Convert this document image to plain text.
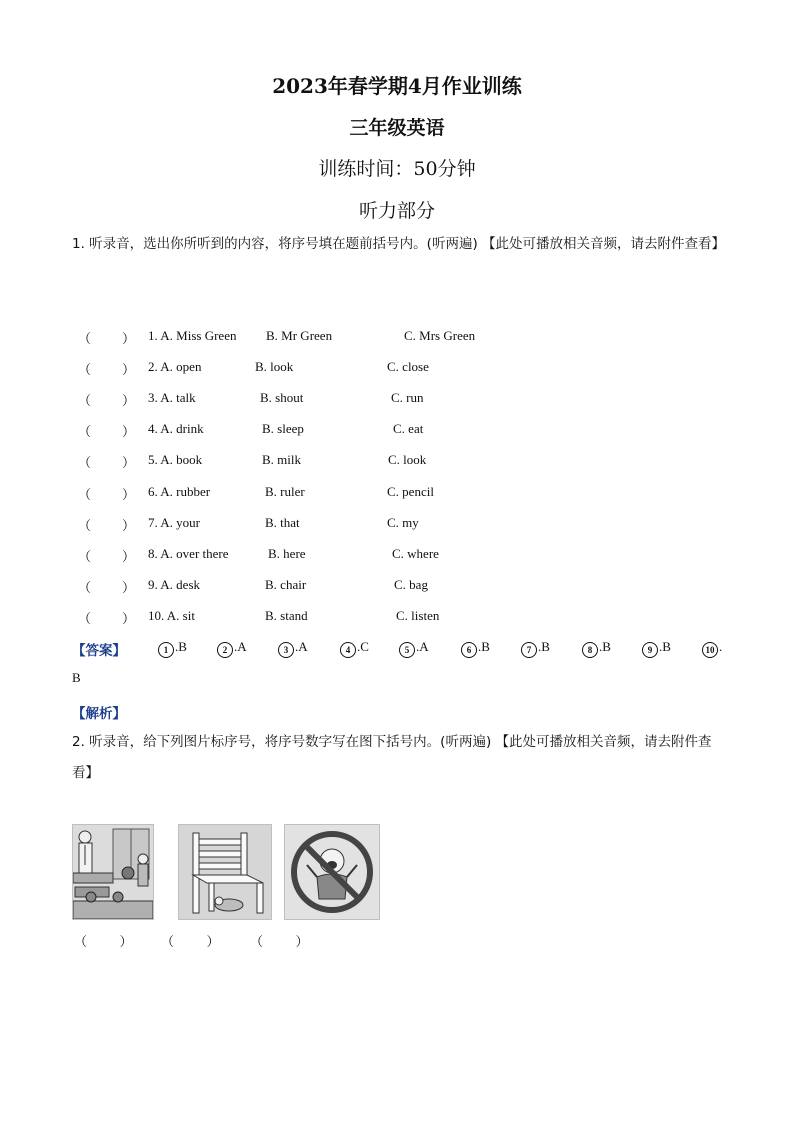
2023年春学期4月作业训练
三年级英语
训练时间：50分钟
听力部分
1. 听录音，选出你所听到的内容，将序号填在题前括号内。(听两遍) 【此处可播放相关音频，请去附件查看】
（ ） 1. A. Miss Green B. Mr Green	C. Mrs Green
（ ） 2. A. open	B. look	C. close
（ ） 3. A. talk	B. shout	C. run
（ ） 4. A. drink	B. sleep	C. eat
（ ） 5. A. book	B. milk	C. look
（ ） 6. A. rubber	B. ruler	C. pencil
（ ） 7. A. your	B. that	C. my
（ ） 8. A. over there	B. here	C. where
（ ） 9. A. desk	B. chair	C. bag
（ ） 10. A. sit	B. stand	C. listen
【答案】	1 .B	2 .A	3 .A	4 .C	5 .A	6 .B	7 .B	8 .B	9 .B	10 .
B
【解析】
2. 听录音，给下列图片标序号，将序号数字写在图下括号内。(听两遍) 【此处可播放相关音频，请去附件查看】
（          ） （          ） （          ）
